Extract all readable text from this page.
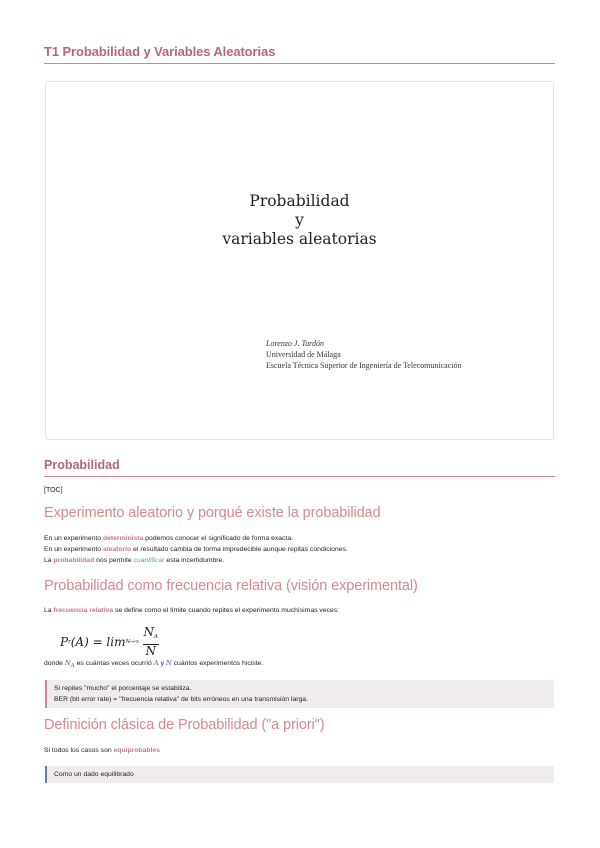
T1 Probabilidad y Variables Aleatorias
Probabilidad
y
variables aleatorias
Lorenzo J. Tardón
Universidad de Málaga
Escuela Técnica Superior de Ingeniería de Telecomunicación
Probabilidad
[TOC]
Experimento aleatorio y porqué existe la probabilidad
En un experimento determinista podemos conocer el significado de forma exacta.
En un experimento aleatorio el resultado cambia de forma impredecible aunque repitas condiciones.
La probabilidad nos permite cuantificar esta incertidumbre.
Probabilidad como frecuencia relativa (visión experimental)
La frecuencia relativa se define como el límite cuando repites el experimento muchísimas veces:
P r $(A) = \lim N\to\infty \frac{N_A}{N}$
donde $N_A$ es cuántas veces ocurrió A y N cuántos experimentos hiciste.
Si repites "mucho" el porcentaje se estabiliza.
BER (bit error rate) = "frecuencia relativa" de bits erróneos en una transmisión larga.
Definición clásica de Probabilidad ("a priori")
Si todos los casos son equiprobables
Como un dado equilibrado
